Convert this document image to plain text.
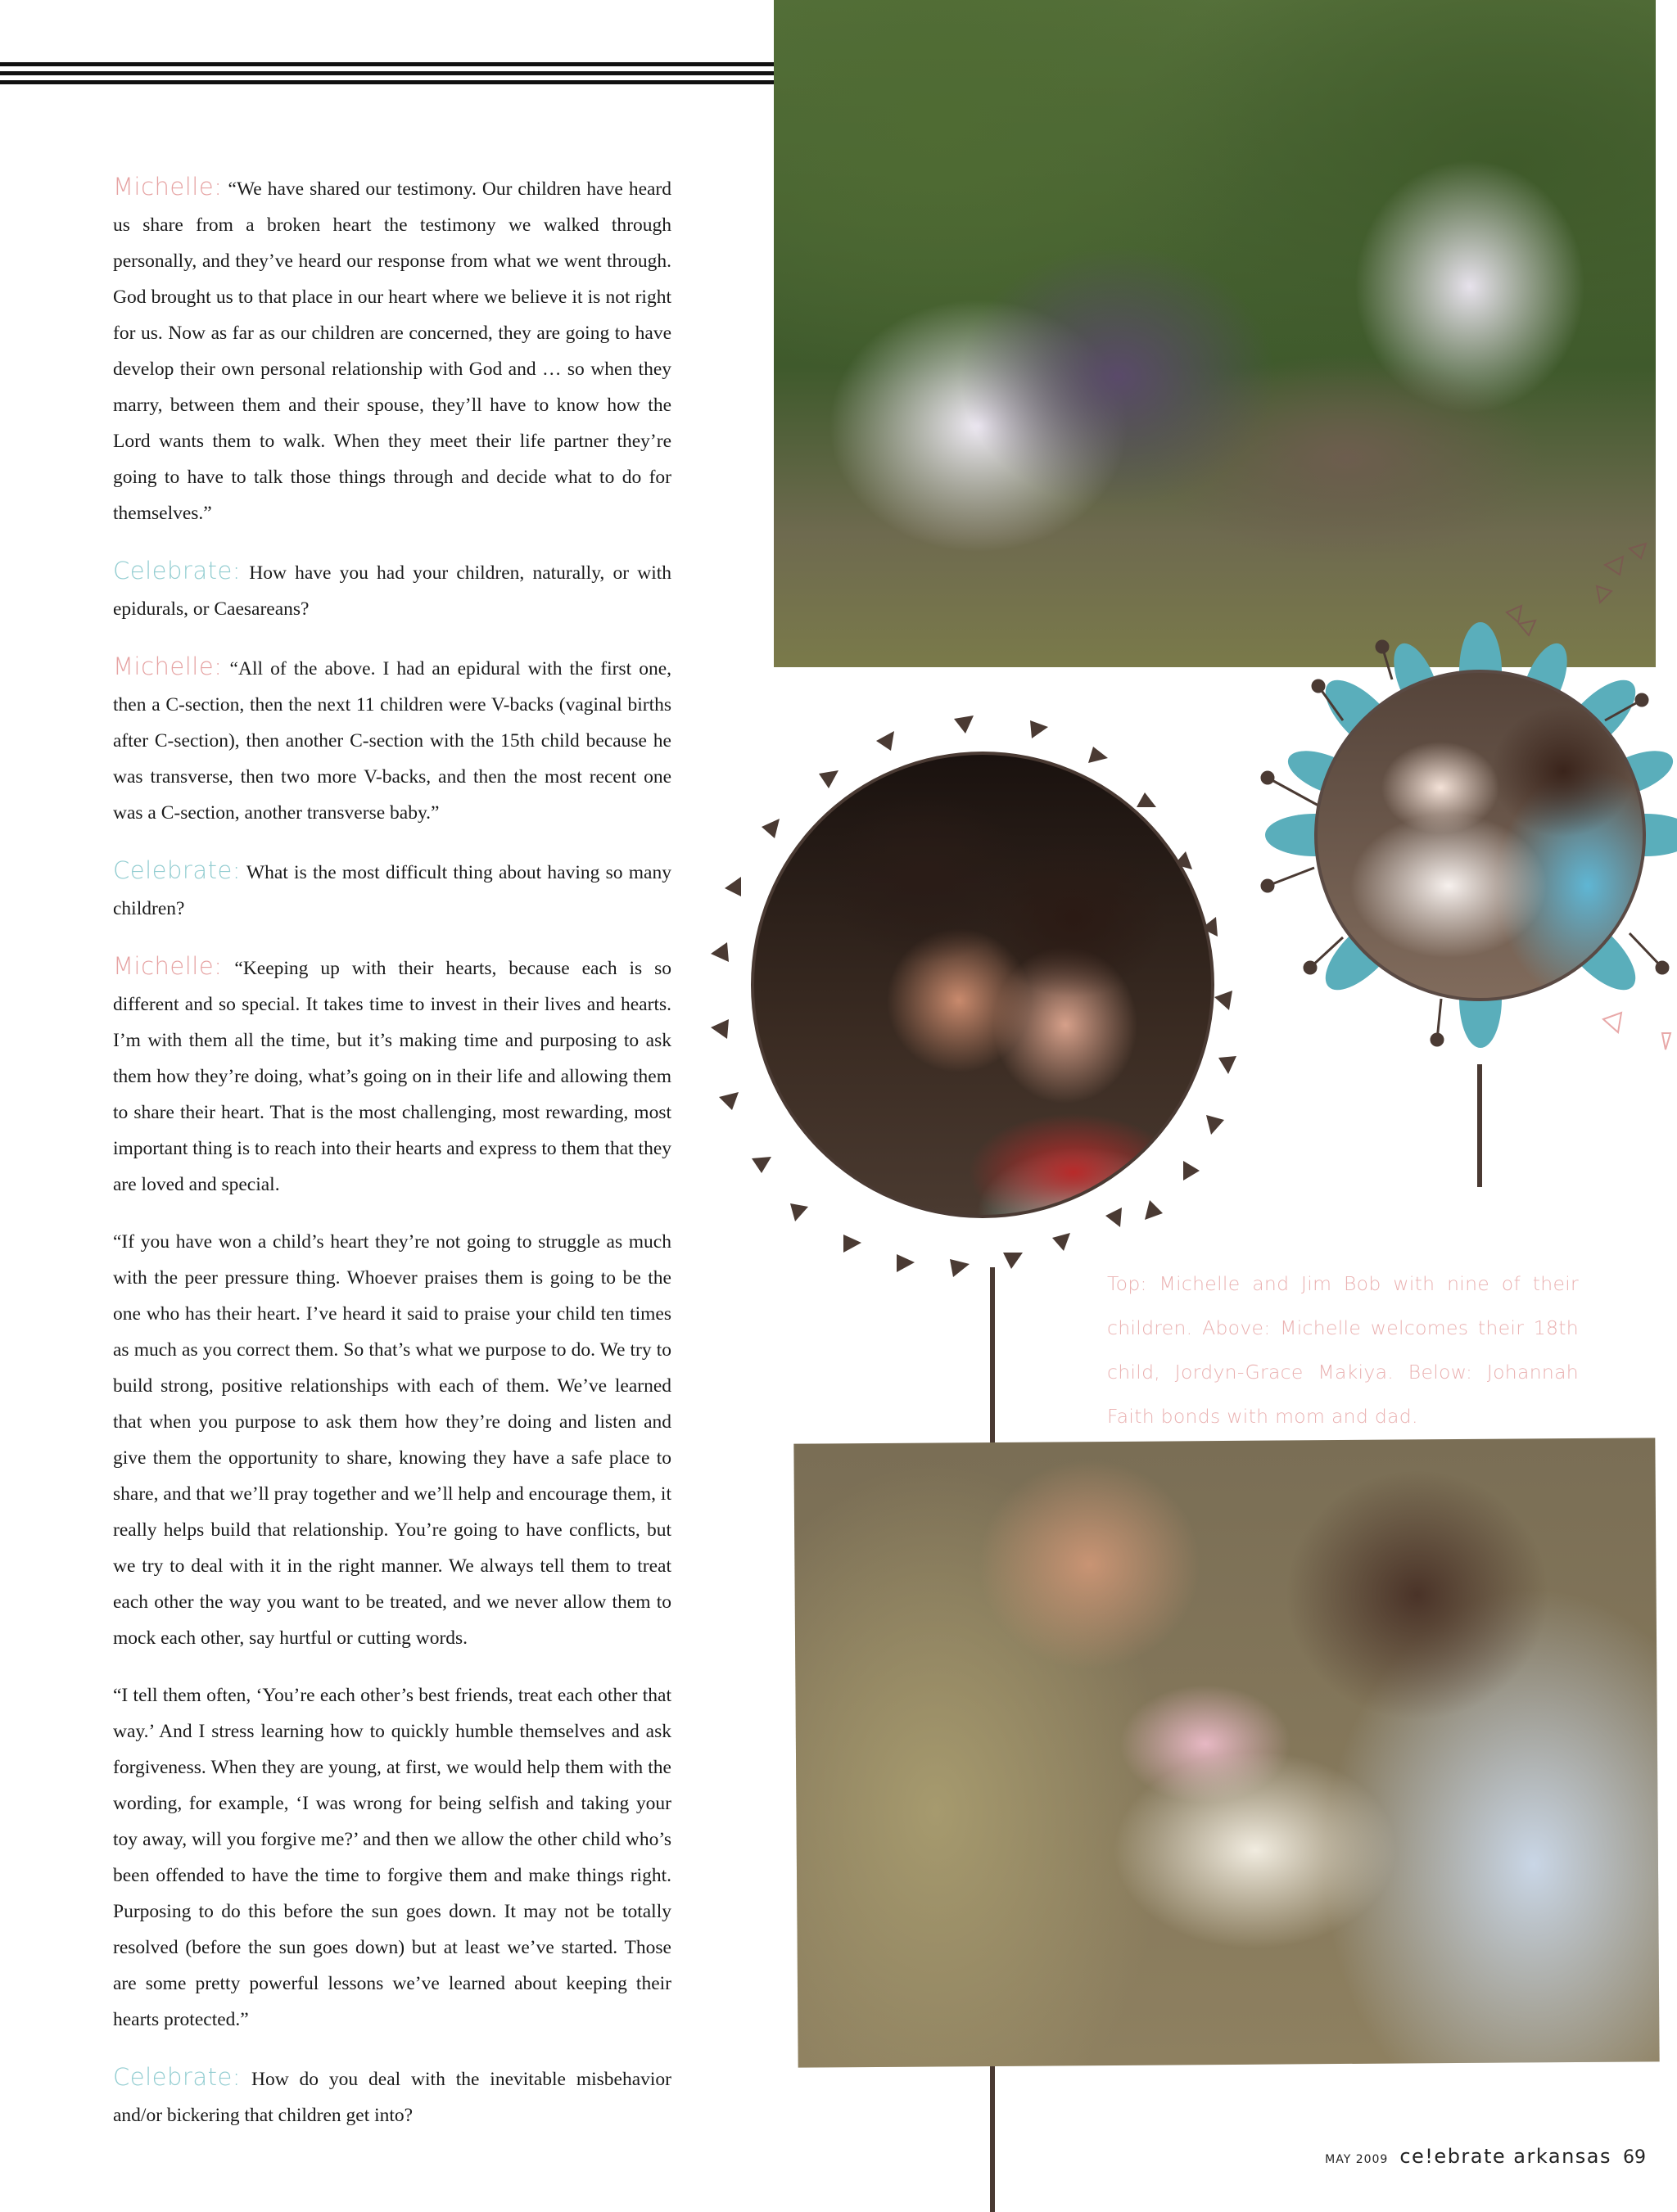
Michelle: “We have shared our testimony. Our children have heard us share from a broken heart the testimony we walked through personally, and they’ve heard our response from what we went through. God brought us to that place in our heart where we believe it is not right for us. Now as far as our children are concerned, they are going to have develop their own personal relationship with God and … so when they marry, between them and their spouse, they’ll have to know how the Lord wants them to walk. When they meet their life partner they’re going to have to talk those things through and decide what to do for themselves.”

Celebrate: How have you had your children, naturally, or with epidurals, or Caesareans?

Michelle: “All of the above. I had an epidural with the first one, then a C-section, then the next 11 children were V-backs (vaginal births after C-section), then another C-section with the 15th child because he was transverse, then two more V-backs, and then the most recent one was a C-section, another transverse baby.”

Celebrate: What is the most difficult thing about having so many children?

Michelle: “Keeping up with their hearts, because each is so different and so special. It takes time to invest in their lives and hearts. I’m with them all the time, but it’s making time and purposing to ask them how they’re doing, what’s going on in their life and allowing them to share their heart. That is the most challenging, most rewarding, most important thing is to reach into their hearts and express to them that they are loved and special.

“If you have won a child’s heart they’re not going to struggle as much with the peer pressure thing. Whoever praises them is going to be the one who has their heart. I’ve heard it said to praise your child ten times as much as you correct them. So that’s what we purpose to do. We try to build strong, positive relationships with each of them. We’ve learned that when you purpose to ask them how they’re doing and listen and give them the opportunity to share, knowing they have a safe place to share, and that we’ll pray together and we’ll help and encourage them, it really helps build that relationship. You’re going to have conflicts, but we try to deal with it in the right manner. We always tell them to treat each other the way you want to be treated, and we never allow them to mock each other, say hurtful or cutting words.

“I tell them often, ‘You’re each other’s best friends, treat each other that way.’ And I stress learning how to quickly humble themselves and ask forgiveness. When they are young, at first, we would help them with the wording, for example, ‘I was wrong for being selfish and taking your toy away, will you forgive me?’ and then we allow the other child who’s been offended to have the time to forgive them and make things right. Purposing to do this before the sun goes down. It may not be totally resolved (before the sun goes down) but at least we’ve started. Those are some pretty powerful lessons we’ve learned about keeping their hearts protected.”

Celebrate: How do you deal with the inevitable misbehavior and/or bickering that children get into?

Top: Michelle and Jim Bob with nine of their children. Above: Michelle welcomes their 18th child, Jordyn-Grace Makiya. Below: Johannah Faith bonds with mom and dad.
MAY 2009 ce!ebrate arkansas 69
